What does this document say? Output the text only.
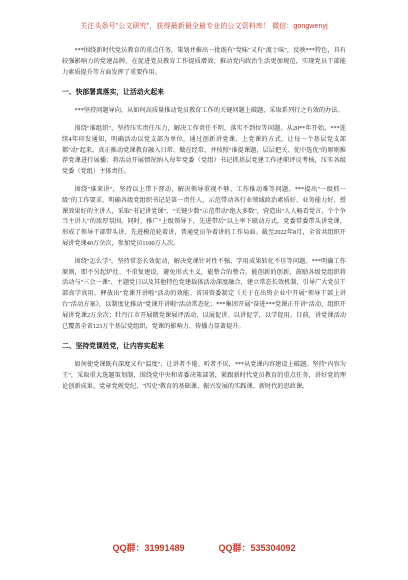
关注头条号"公文研究"，获得最新最全最专业的公文资料库！ 微信：gongwenyj

***围绕新时代党员教育的重点任务，策划并推出一批既有"党味"又有"流士味"，反映***特色，具有较强影响力的党建品牌，在促进党员教育工作提质增效、推动党内政治生活更加规范，实现党员干部能力素质提升等方面发挥了重要作用。

一、快部署真落实，让活动火起来

***坚持问题导向，从如何高质量推动党员教育工作的关键问题上破题，采取系列行之有效的办法。

围绕"谁组织"，坚持压实责任压力，解决工作责任不明、落实不到位等问题。从20**年开始，***连续4年印发通知，明确活动以党支部为单位，通过创新讲党课、上党课的方式，让每一个基层党支部都"动"起来。真正推动党课教育融入日常、做在经常，并按照"谁提课题，层层把关、优中选优"的原则推荐党课进行展播；将活动开展情况纳入每年党委（党组）书记抓基层党建工作述职评议考核，压实各级党委（党组）主体责任。

围绕"谁来讲"，坚持以上带下督动，解决领导重视不够、工作推动难等问题。***提出"一级抓一级"的工作要求，明确各级党组织书记是第一责任人，示范带动各行业领域政治素质好、业务能力好、授课效果好的主讲人，采取"书记讲党课"、"关键少数"示范带动"绝大多数"，营造出"人人畅看党言，个个争当主讲人"的浓厚氛围。同时，推广"上级领导下，先进带后"以上率下联动方式，党委常委带头讲党课，形成了领导干部带头讲、先进模范轮着讲，普通党员争着讲的工作局面。截至2022年8月，全省共组织开展讲党课40万余次，参加党员1100万人次。

围绕"怎么学"，坚持常态长效促动，解决党课针对性不强、学用成果转化不佳等问题。***明确工作原则，即不另起炉灶、不重复建设，避免形式主义，能整合的整合。能创新的创新，鼓励各级党组织将活动与"三会一课"、主题党日以及其他特色党建载体活动深度融合，建立常态长效机制，引导广大党员干部真学真用。释放出"党课开讲啦"活动的效能。省国资委制定《关于在出资企业中开展"领导干部上讲台"活动方案》，以制度化推动"党课开讲啦"活动常态化；***集团开展"奋进***党课正开讲"活动，组织开展讲党课2万余次；牡丹江市开展微党课展评活动，以展促讲、以讲促学，以学促用。目前，讲党课活动已覆盖全省123万个基层党组织，党课的影响力、传播力显著提升。

二、坚持党课姓党，让内容实起来

如何使党课既有深度又有"温度"，让讲者不倦、听者不厌，***从党课内容建设上破题。坚持"内容为王"，采取重大选题策划制，围绕党中央和省委决策部署，紧跟新时代党员教育的重点任务，讲好党的理论创新成果、党章党规党纪、"四史"教育的基础课、振兴发展的实践课、新时代的思政课。

QQ群：31991489	QQ群：535304092
